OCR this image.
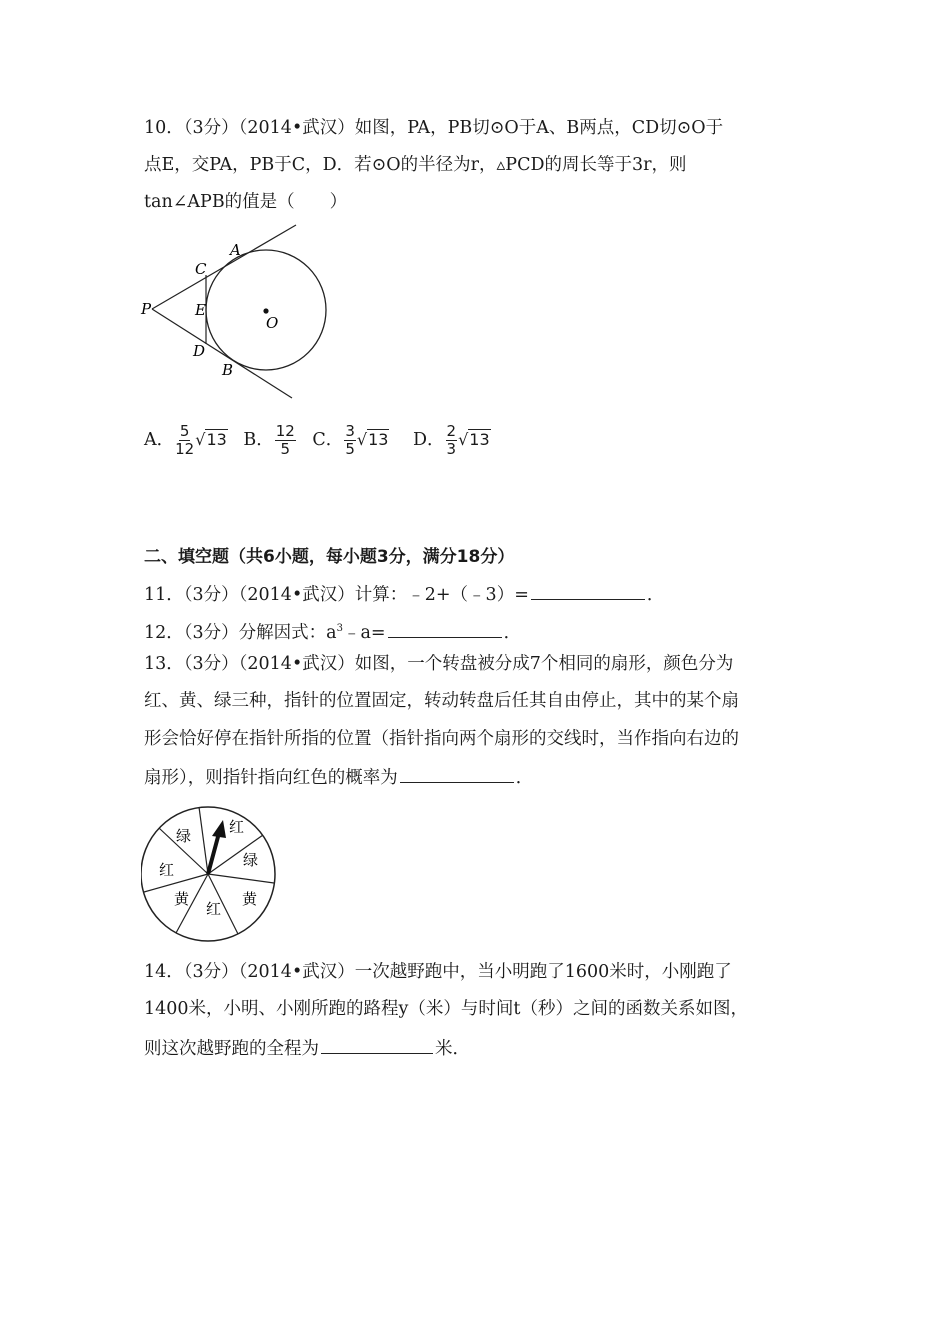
10．（3分）（2014•武汉）如图，PA，PB切⊙O于A、B两点，CD切⊙O于
点E，交PA，PB于C，D．若⊙O的半径为r，▵PCD的周长等于3r，则
tan∠APB的值是（　　）
A
B
C
D
E
P
O
A． $\frac{5}{12} √13$ B． $\frac{12}{5}$ C． $\frac{3}{5} √13$ D． $\frac{2}{3} √13$
二、填空题（共6小题，每小题3分，满分18分）
11．（3分）（2014•武汉）计算：﹣2+（﹣3）=	．
12．（3分）分解因式：$a^3﹣a=$	．
13．（3分）（2014•武汉）如图，一个转盘被分成7个相同的扇形，颜色分为
红、黄、绿三种，指针的位置固定，转动转盘后任其自由停止，其中的某个扇
形会恰好停在指针所指的位置（指针指向两个扇形的交线时，当作指向右边的
扇形），则指针指向红色的概率为	．
红
绿
黄
红
黄
红
绿
14．（3分）（2014•武汉）一次越野跑中，当小明跑了1600米时，小刚跑了
1400米，小明、小刚所跑的路程y（米）与时间t（秒）之间的函数关系如图，
则这次越野跑的全程为	米．
